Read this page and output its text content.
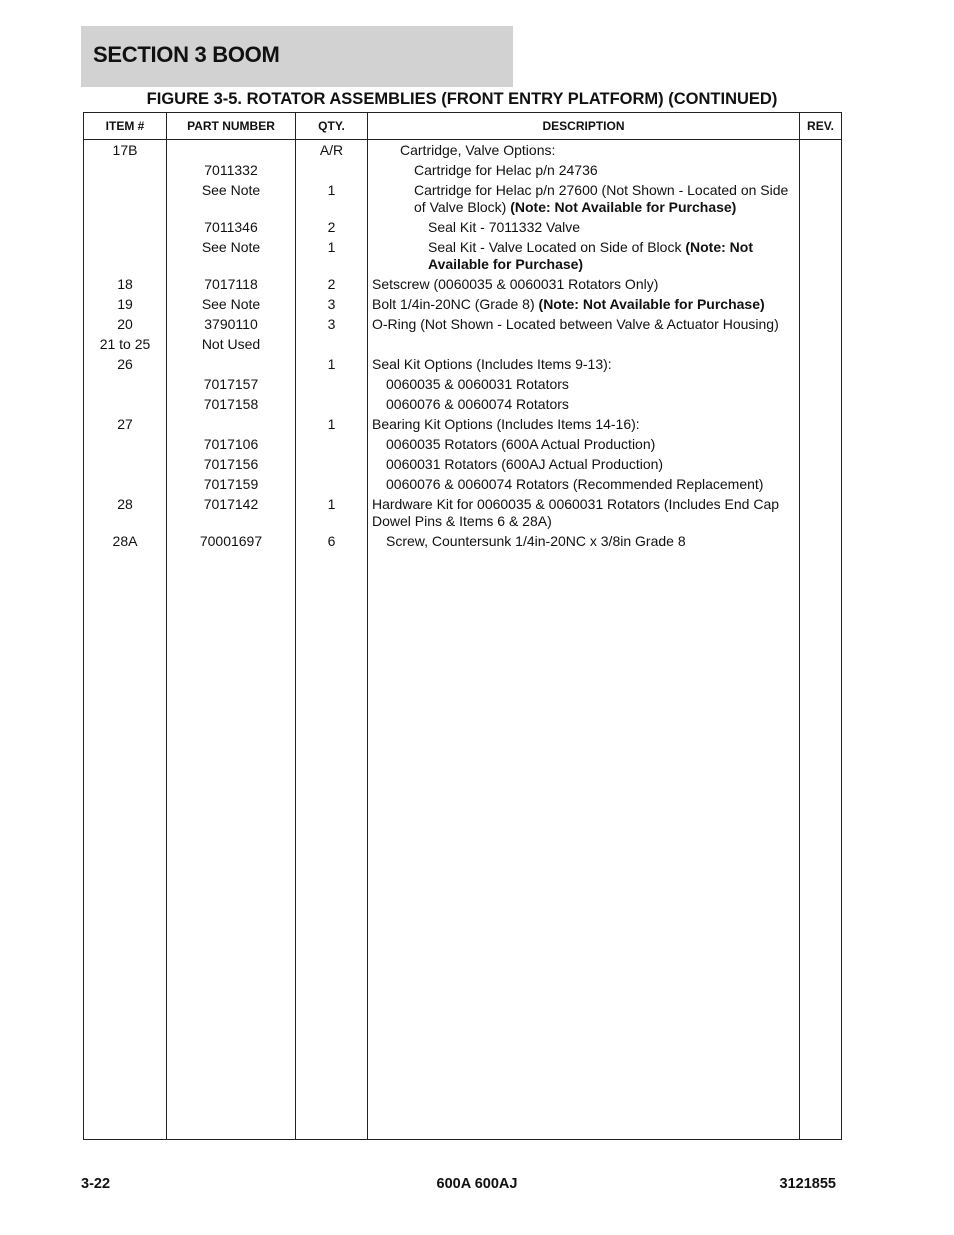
SECTION 3 BOOM
FIGURE 3-5. ROTATOR ASSEMBLIES (FRONT ENTRY PLATFORM) (CONTINUED)
ITEM #	PART NUMBER	QTY.	DESCRIPTION	REV.
17B		A/R	Cartridge, Valve Options:	

	7011332		Cartridge for Helac p/n 24736	

	See Note	1	Cartridge for Helac p/n 27600 (Not Shown - Located on Side of Valve Block) (Note: Not Available for Purchase)	

	7011346	2	Seal Kit - 7011332 Valve	

	See Note	1	Seal Kit - Valve Located on Side of Block (Note: Not Available for Purchase)	

18	7017118	2	Setscrew (0060035 & 0060031 Rotators Only)	

19	See Note	3	Bolt 1/4in-20NC (Grade 8) (Note: Not Available for Purchase)	

20	3790110	3	O-Ring (Not Shown - Located between Valve & Actuator Housing)	

21 to 25	Not Used		

26		1	Seal Kit Options (Includes Items 9-13):	

	7017157		0060035 & 0060031 Rotators	

	7017158		0060076 & 0060074 Rotators	

27		1	Bearing Kit Options (Includes Items 14-16):	

	7017106		0060035 Rotators (600A Actual Production)	

	7017156		0060031 Rotators (600AJ Actual Production)	

	7017159		0060076 & 0060074 Rotators (Recommended Replacement)	

28	7017142	1	Hardware Kit for 0060035 & 0060031 Rotators (Includes End Cap Dowel Pins & Items 6 & 28A)	

28A	70001697	6	Screw, Countersunk 1/4in-20NC x 3/8in Grade 8	

3-22	600A 600AJ	3121855
